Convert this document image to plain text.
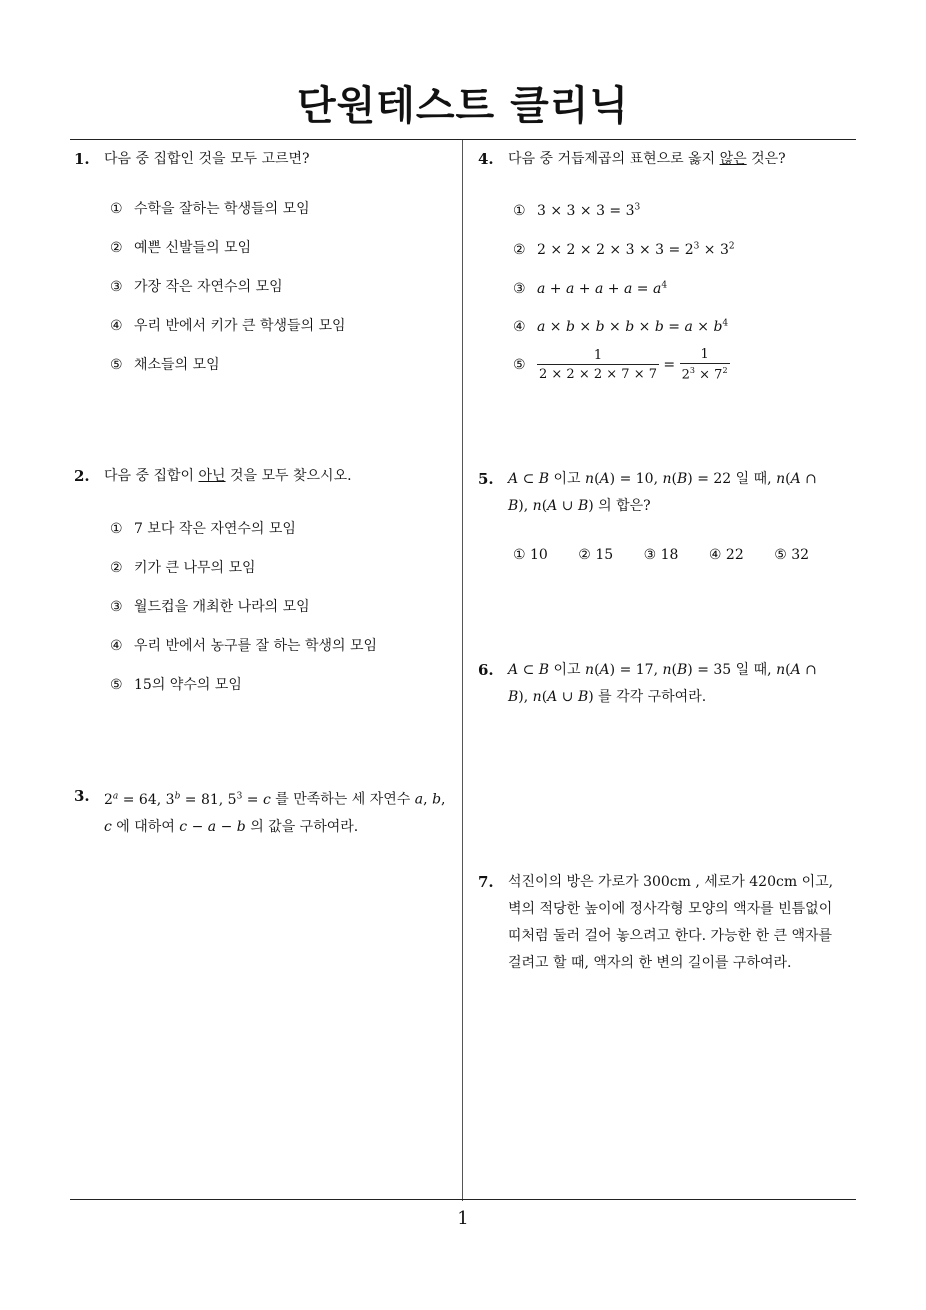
단원테스트 클리닉
1. 다음 중 집합인 것을 모두 고르면?
① 수학을 잘하는 학생들의 모임
② 예쁜 신발들의 모임
③ 가장 작은 자연수의 모임
④ 우리 반에서 키가 큰 학생들의 모임
⑤ 채소들의 모임
2. 다음 중 집합이 아닌 것을 모두 찾으시오.
① 7 보다 작은 자연수의 모임
② 키가 큰 나무의 모임
③ 월드컵을 개최한 나라의 모임
④ 우리 반에서 농구를 잘 하는 학생의 모임
⑤ 15의 약수의 모임
3. $2^a = 64$, $3^b = 81$, $5^3 = c$ 를 만족하는 세 자연수 a, b,
c 에 대하여 c − a − b 의 값을 구하여라.
4. 다음 중 거듭제곱의 표현으로 옳지 않은 것은?
① $3 \times 3 \times 3 = 3^3$
② $2 \times 2 \times 2 \times 3 \times 3 = 2^3 \times 3^2$
③ $a + a + a + a = a^4$
④ $a \times b \times b \times b \times b = a \times b^4$
⑤ $\frac{1}{2 \times 2 \times 2 \times 7 \times 7} = \frac{1}{2^3 \times 7^2}$
5. A ⊂ B 이고 n(A) = 10, n(B) = 22 일 때, n(A ∩
B), n(A ∪ B) 의 합은?
① 10 ② 15 ③ 18 ④ 22 ⑤ 32
6. A ⊂ B 이고 n(A) = 17, n(B) = 35 일 때, n(A ∩
B), n(A ∪ B) 를 각각 구하여라.
7. 석진이의 방은 가로가 300cm , 세로가 420cm 이고,
벽의 적당한 높이에 정사각형 모양의 액자를 빈틈없이
띠처럼 둘러 걸어 놓으려고 한다. 가능한 한 큰 액자를
걸려고 할 때, 액자의 한 변의 길이를 구하여라.
1
